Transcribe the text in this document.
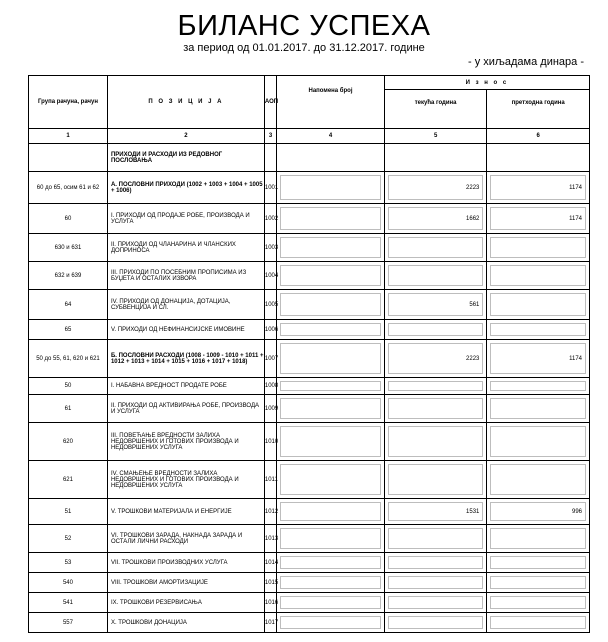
БИЛАНС УСПЕХА
за период од 01.01.2017. до 31.12.2017. године
- у хиљадама динара -
Група рачуна, рачун	П О З И Ц И Ј А	АОП	Напомена број	И з н о с	
				текућа година	претходна година
1	2	3	4	5	6
	ПРИХОДИ И РАСХОДИ ИЗ РЕДОВНОГ ПОСЛОВАЊА				
60 до 65, осим 61 и 62	А. ПОСЛОВНИ ПРИХОДИ (1002 + 1003 + 1004 + 1005 + 1006)	1001		2223	1174

60	I. ПРИХОДИ ОД ПРОДАЈЕ РОБЕ, ПРОИЗВОДА И УСЛУГА	1002		1662	1174

630 и 631	II. ПРИХОДИ ОД ЧЛАНАРИНА И ЧЛАНСКИХ ДОПРИНОСА	1003	

632 и 639	III. ПРИХОДИ ПО ПОСЕБНИМ ПРОПИСИМА ИЗ БУЏЕТА И ОСТАЛИХ ИЗВОРА	1004	

64	IV. ПРИХОДИ ОД ДОНАЦИЈА, ДОТАЦИЈА, СУБВЕНЦИЈА И СЛ.	1005		561	

65	V. ПРИХОДИ ОД НЕФИНАНСИЈСКЕ ИМОВИНЕ	1006	

50 до 55, 61, 620 и 621	Б. ПОСЛОВНИ РАСХОДИ (1008 - 1009 - 1010 + 1011 + 1012 + 1013 + 1014 + 1015 + 1016 + 1017 + 1018)	1007		2223	1174

50	I. НАБАВНА ВРЕДНОСТ ПРОДАТЕ РОБЕ	1008	

61	II. ПРИХОДИ ОД АКТИВИРАЊА РОБЕ, ПРОИЗВОДА И УСЛУГА	1009	

620	III. ПОВЕЋАЊЕ ВРЕДНОСТИ ЗАЛИХА НЕДОВРШЕНИХ И ГОТОВИХ ПРОИЗВОДА И НЕДОВРШЕНИХ УСЛУГА	1010	

621	IV. СМАЊЕЊЕ ВРЕДНОСТИ ЗАЛИХА НЕДОВРШЕНИХ И ГОТОВИХ ПРОИЗВОДА И НЕДОВРШЕНИХ УСЛУГА	1011	

51	V. ТРОШКОВИ МАТЕРИЈАЛА И ЕНЕРГИЈЕ	1012		1531	996

52	VI. ТРОШКОВИ ЗАРАДА, НАКНАДА ЗАРАДА И ОСТАЛИ ЛИЧНИ РАСХОДИ	1013	

53	VII. ТРОШКОВИ ПРОИЗВОДНИХ УСЛУГА	1014	

540	VIII. ТРОШКОВИ АМОРТИЗАЦИЈЕ	1015	

541	IX. ТРОШКОВИ РЕЗЕРВИСАЊА	1016	

557	X. ТРОШКОВИ ДОНАЦИЈА	1017	
